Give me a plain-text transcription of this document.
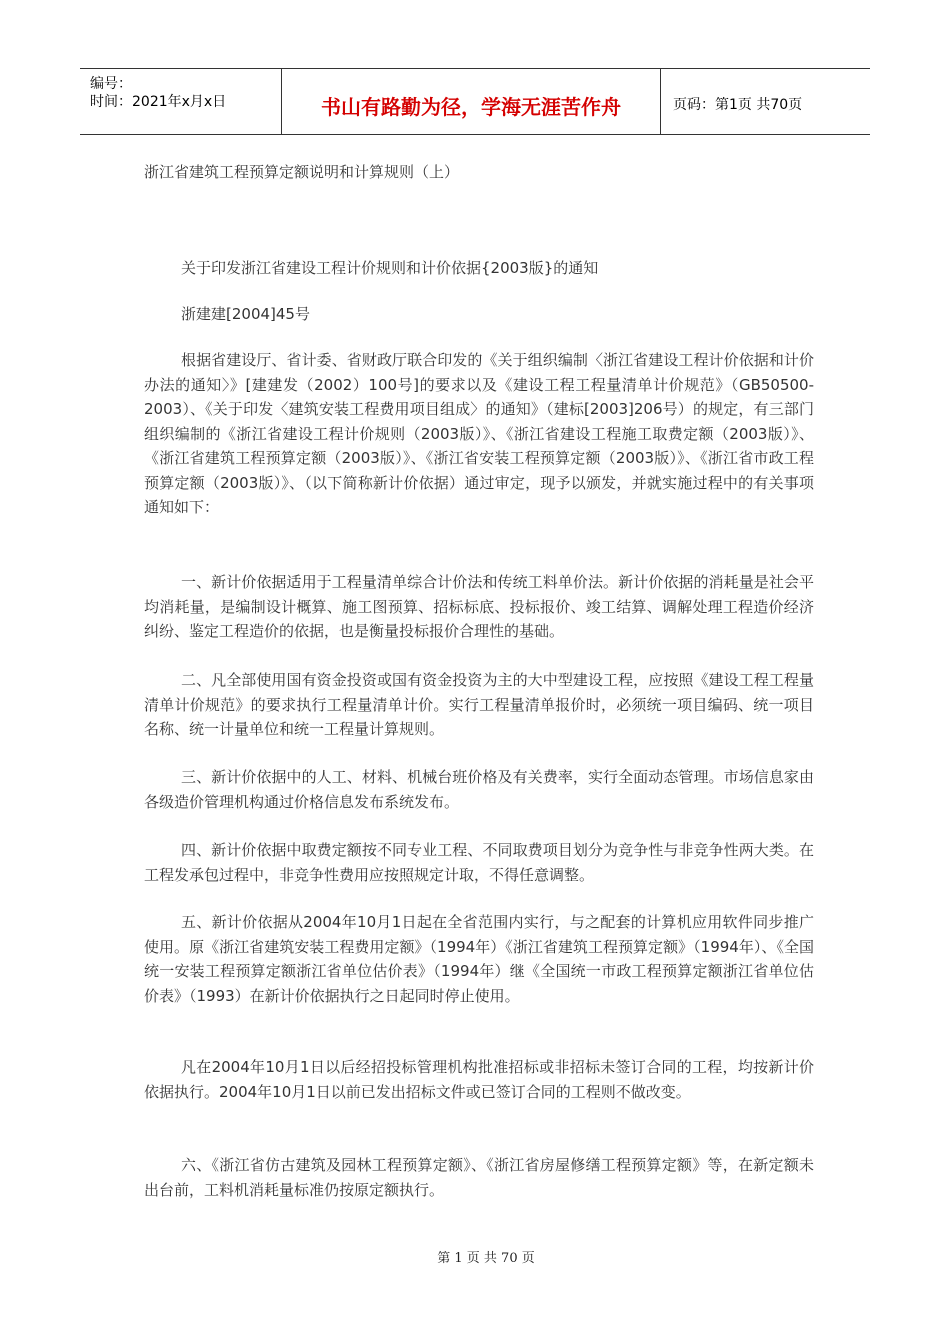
编号：
时间：2021年x月x日	书山有路勤为径，学海无涯苦作舟	页码：第1页 共70页
浙江省建筑工程预算定额说明和计算规则（上）
关于印发浙江省建设工程计价规则和计价依据{2003版}的通知
浙建建[2004]45号

根据省建设厅、省计委、省财政厅联合印发的《关于组织编制〈浙江省建设工程计价依据和计价办法的通知〉》[建建发（2002）100号]的要求以及《建设工程工程量清单计价规范》（GB50500-2003）、《关于印发〈建筑安装工程费用项目组成〉的通知》（建标[2003]206号）的规定，有三部门组织编制的《浙江省建设工程计价规则（2003版）》、《浙江省建设工程施工取费定额（2003版）》、《浙江省建筑工程预算定额（2003版）》、《浙江省安装工程预算定额（2003版）》、《浙江省市政工程预算定额（2003版）》、（以下简称新计价依据）通过审定，现予以颁发，并就实施过程中的有关事项通知如下：

一、新计价依据适用于工程量清单综合计价法和传统工料单价法。新计价依据的消耗量是社会平均消耗量，是编制设计概算、施工图预算、招标标底、投标报价、竣工结算、调解处理工程造价经济纠纷、鉴定工程造价的依据，也是衡量投标报价合理性的基础。

二、凡全部使用国有资金投资或国有资金投资为主的大中型建设工程，应按照《建设工程工程量清单计价规范》的要求执行工程量清单计价。实行工程量清单报价时，必须统一项目编码、统一项目名称、统一计量单位和统一工程量计算规则。

三、新计价依据中的人工、材料、机械台班价格及有关费率，实行全面动态管理。市场信息家由各级造价管理机构通过价格信息发布系统发布。

四、新计价依据中取费定额按不同专业工程、不同取费项目划分为竞争性与非竞争性两大类。在工程发承包过程中，非竞争性费用应按照规定计取，不得任意调整。

五、新计价依据从2004年10月1日起在全省范围内实行，与之配套的计算机应用软件同步推广使用。原《浙江省建筑安装工程费用定额》（1994年）《浙江省建筑工程预算定额》（1994年）、《全国统一安装工程预算定额浙江省单位估价表》（1994年）继《全国统一市政工程预算定额浙江省单位估价表》（1993）在新计价依据执行之日起同时停止使用。

凡在2004年10月1日以后经招投标管理机构批准招标或非招标未签订合同的工程，均按新计价依据执行。2004年10月1日以前已发出招标文件或已签订合同的工程则不做改变。

六、《浙江省仿古建筑及园林工程预算定额》、《浙江省房屋修缮工程预算定额》等，在新定额未出台前，工料机消耗量标准仍按原定额执行。

第 1 页 共 70 页
